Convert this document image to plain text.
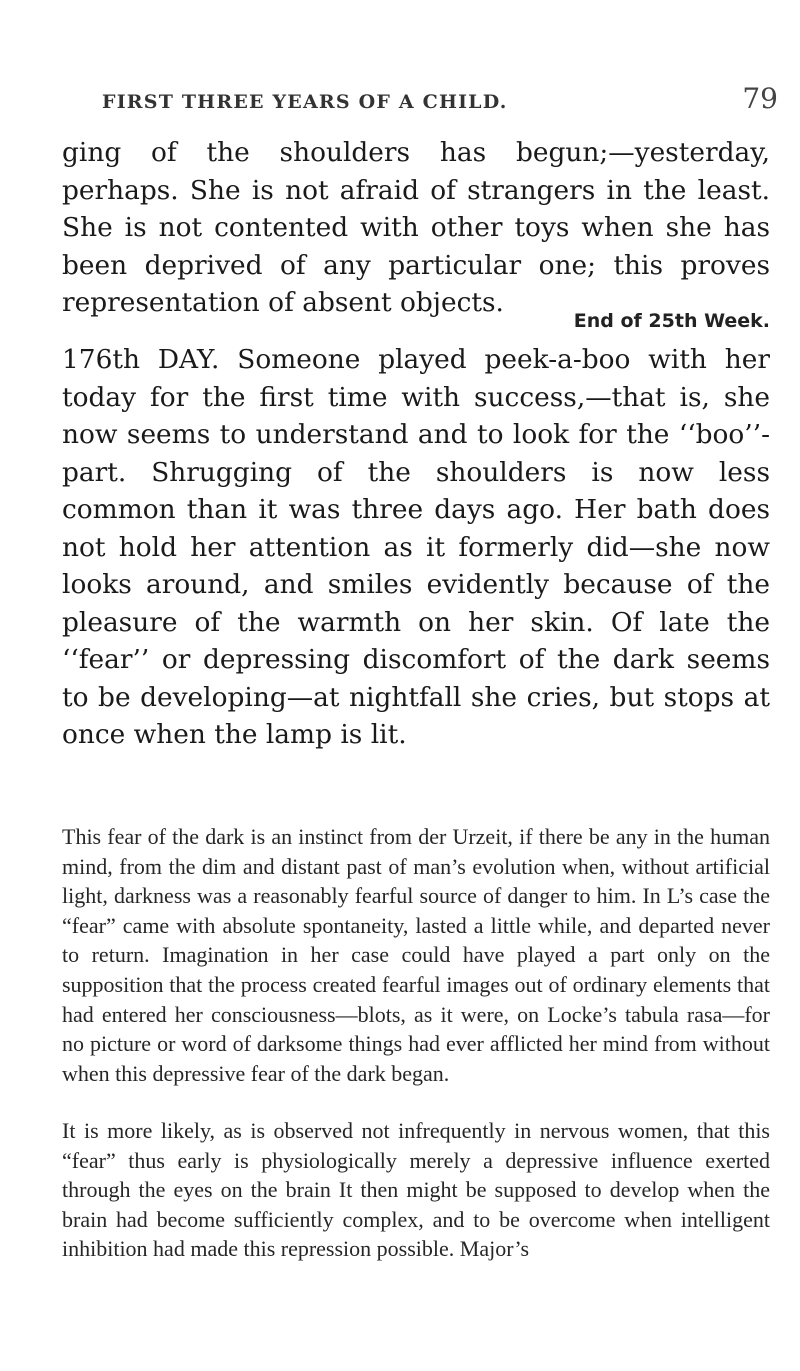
FIRST THREE YEARS OF A CHILD.	79

ging of the shoulders has begun;—yesterday, perhaps. She is not afraid of strangers in the least. She is not contented with other toys when she has been deprived of any particular one; this proves representation of absent objects.

End of 25th Week.

176th DAY. Someone played peek-a-boo with her today for the first time with success,—that is, she now seems to understand and to look for the ‘‘boo’’-part. Shrugging of the shoulders is now less common than it was three days ago. Her bath does not hold her attention as it formerly did—she now looks around, and smiles evidently because of the pleasure of the warmth on her skin. Of late the ‘‘fear’’ or depressing discomfort of the dark seems to be developing—at nightfall she cries, but stops at once when the lamp is lit.

This fear of the dark is an instinct from der Urzeit, if there be any in the human mind, from the dim and distant past of man’s evolution when, without artificial light, darkness was a reasonably fearful source of danger to him. In L’s case the “fear” came with absolute spontaneity, lasted a little while, and departed never to return. Imagination in her case could have played a part only on the supposition that the process created fearful images out of ordinary elements that had entered her consciousness—blots, as it were, on Locke’s tabula rasa—for no picture or word of darksome things had ever afflicted her mind from without when this depressive fear of the dark began.

It is more likely, as is observed not infrequently in nervous women, that this “fear” thus early is physiologically merely a depressive influence exerted through the eyes on the brain It then might be supposed to develop when the brain had become sufficiently complex, and to be overcome when intelligent inhibition had made this repression possible. Major’s
